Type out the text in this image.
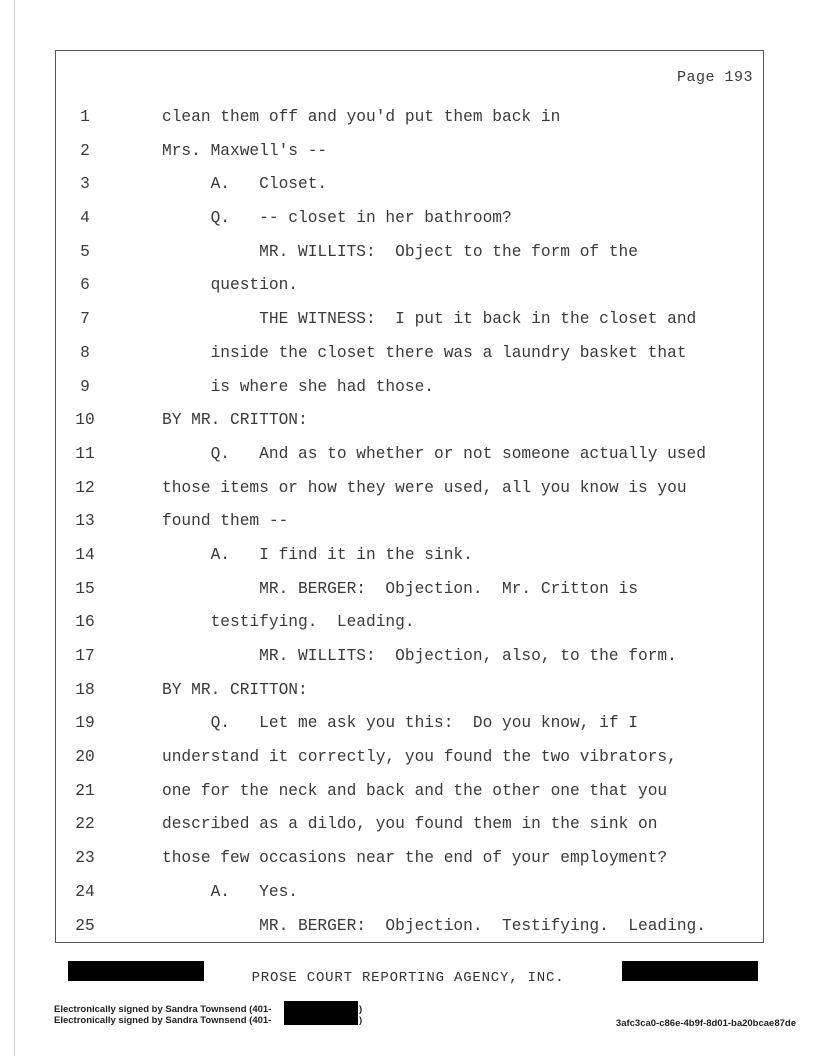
Page 193
1	clean them off and you'd put them back in
2	Mrs. Maxwell's --
3	A.   Closet.
4	Q.   -- closet in her bathroom?
5	MR. WILLITS:  Object to the form of the
6	question.
7	THE WITNESS:  I put it back in the closet and
8	inside the closet there was a laundry basket that
9	is where she had those.
10	BY MR. CRITTON:
11	Q.   And as to whether or not someone actually used
12	those items or how they were used, all you know is you
13	found them --
14	A.   I find it in the sink.
15	MR. BERGER:  Objection.  Mr. Critton is
16	testifying.  Leading.
17	MR. WILLITS:  Objection, also, to the form.
18	BY MR. CRITTON:
19	Q.   Let me ask you this:  Do you know, if I
20	understand it correctly, you found the two vibrators,
21	one for the neck and back and the other one that you
22	described as a dildo, you found them in the sink on
23	those few occasions near the end of your employment?
24	A.   Yes.
25	MR. BERGER:  Objection.  Testifying.  Leading.
PROSE COURT REPORTING AGENCY, INC.
Electronically signed by Sandra Townsend (401-
Electronically signed by Sandra Townsend (401-
)
)	3afc3ca0-c86e-4b9f-8d01-ba20bcae87de
